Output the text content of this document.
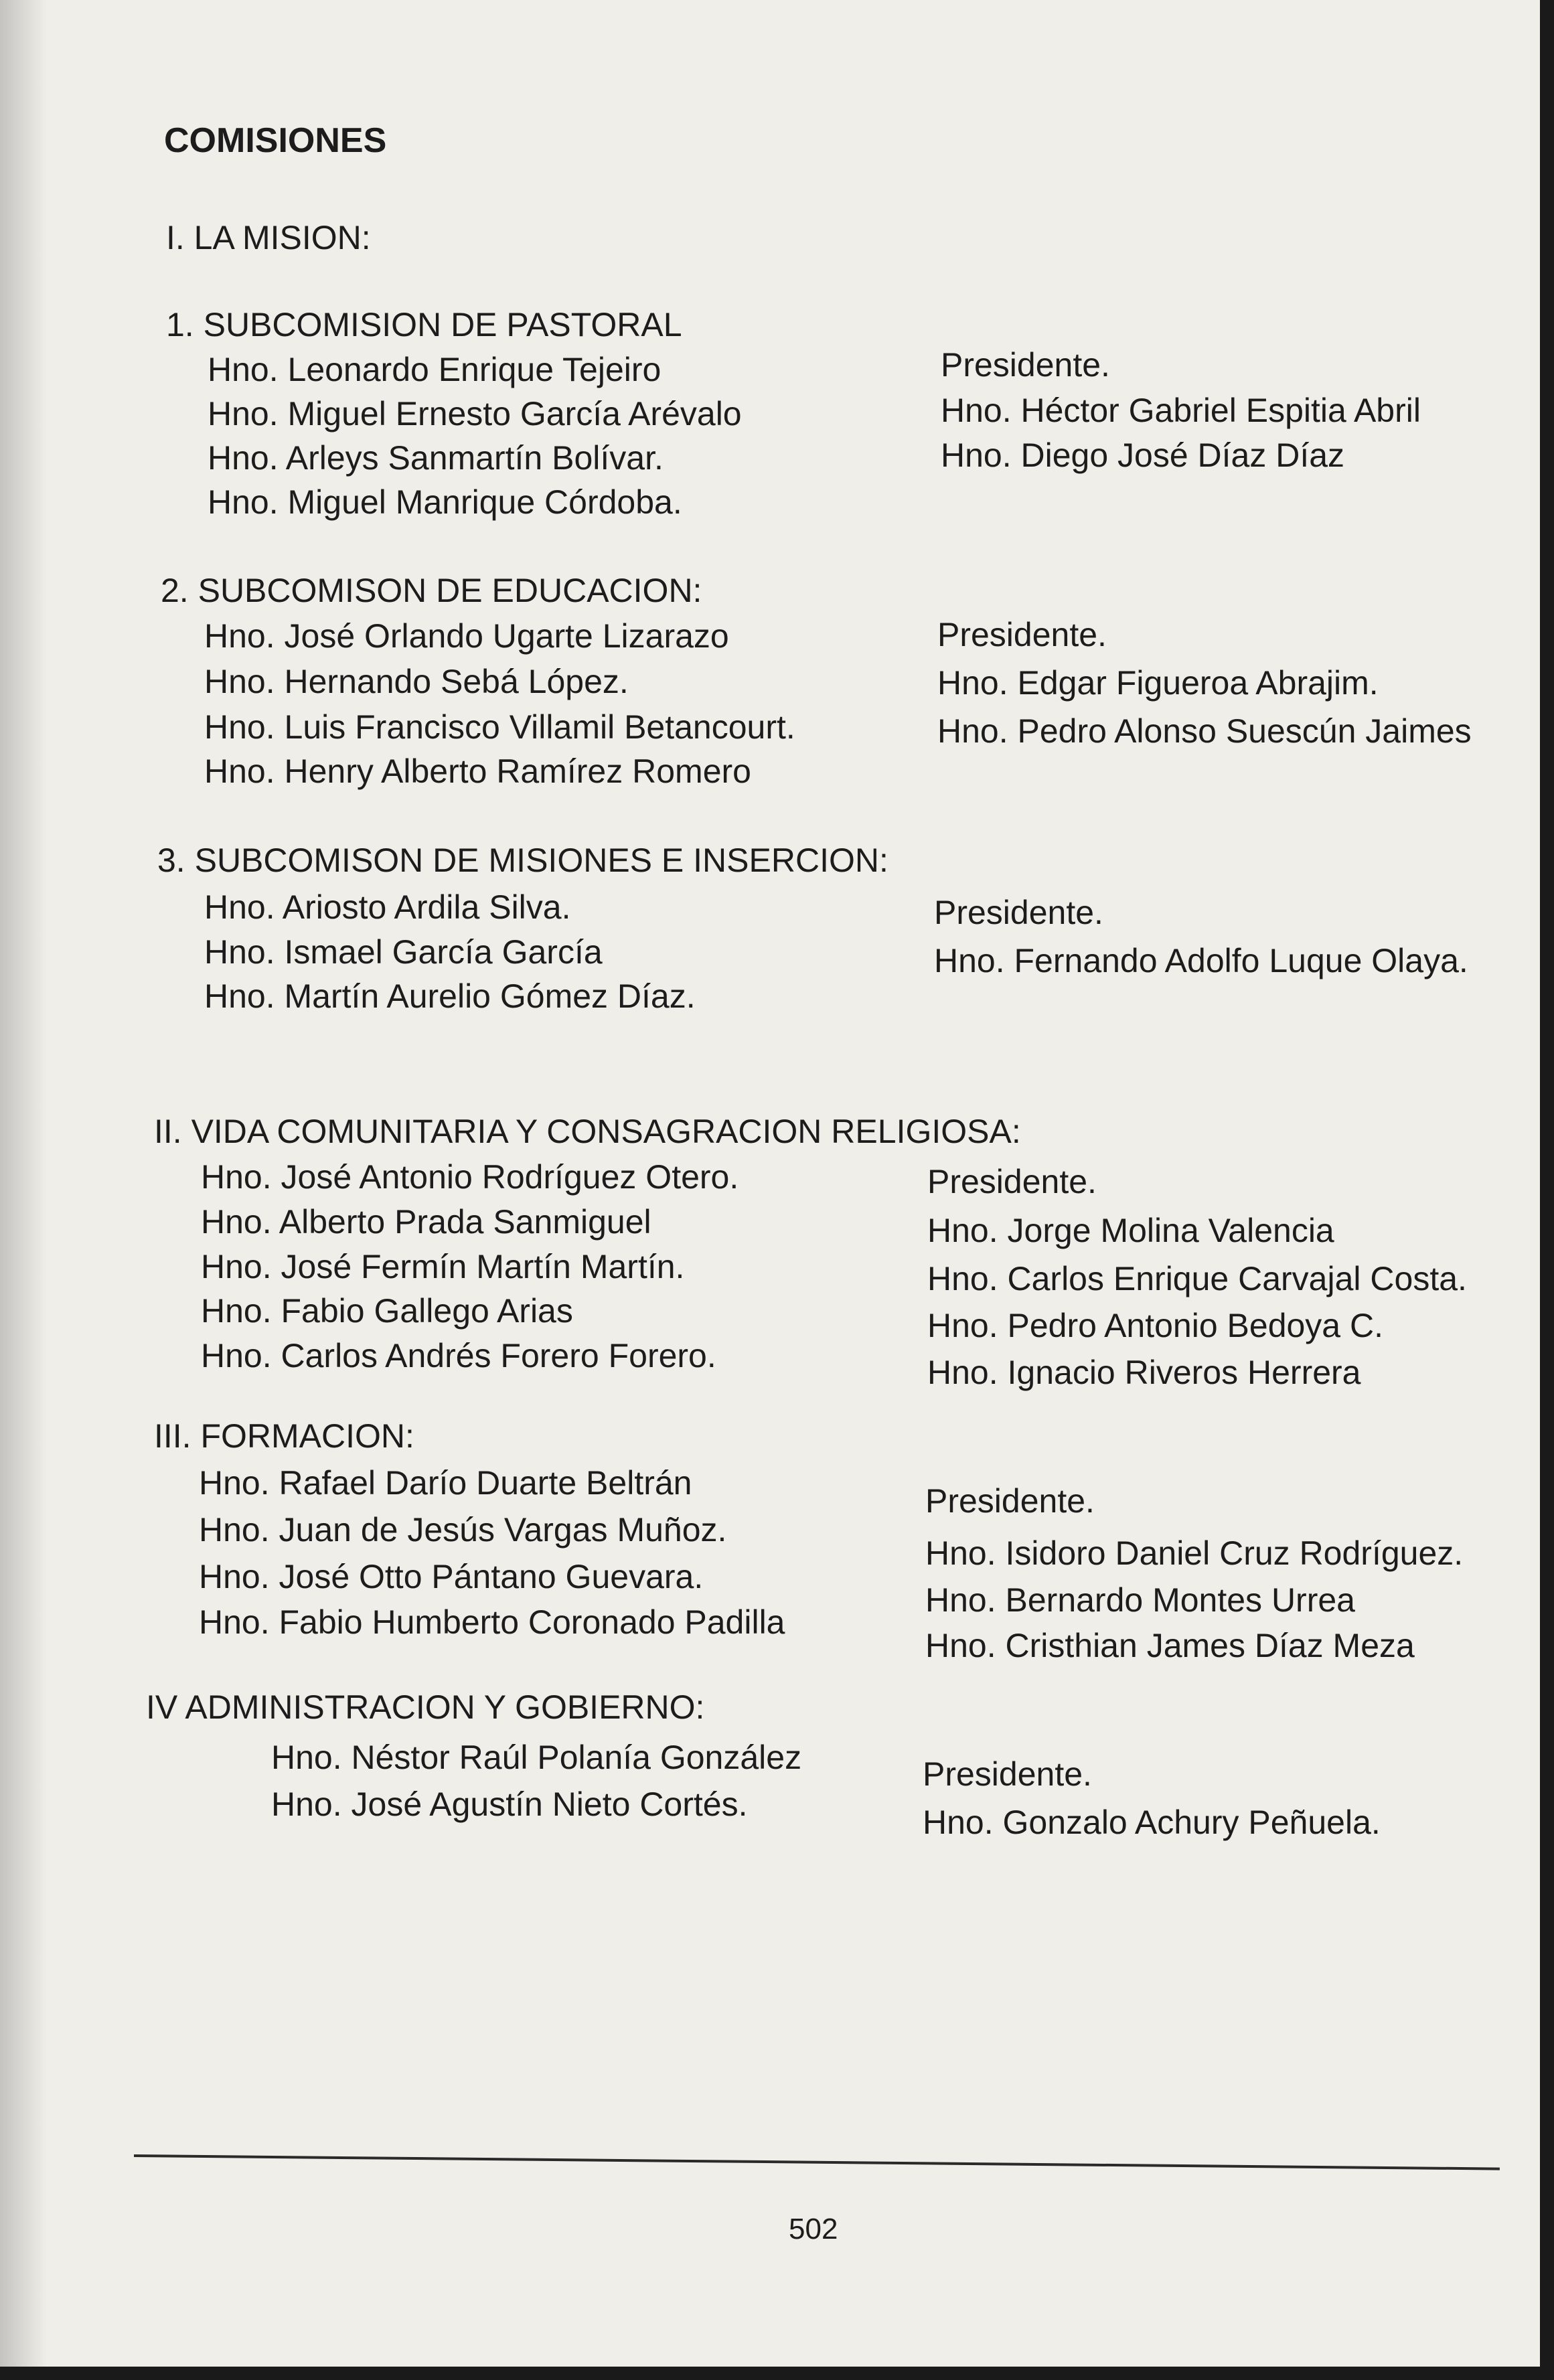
COMISIONES
I. LA MISION:
1. SUBCOMISION DE PASTORAL
Hno. Leonardo Enrique Tejeiro
Hno. Miguel Ernesto García Arévalo
Hno. Arleys Sanmartín Bolívar.
Hno. Miguel Manrique Córdoba.
Presidente.
Hno. Héctor Gabriel Espitia Abril
Hno. Diego José Díaz Díaz
2. SUBCOMISON DE EDUCACION:
Hno. José Orlando Ugarte Lizarazo
Hno. Hernando Sebá López.
Hno. Luis Francisco Villamil Betancourt.
Hno. Henry Alberto Ramírez Romero
Presidente.
Hno. Edgar Figueroa Abrajim.
Hno. Pedro Alonso Suescún Jaimes
3. SUBCOMISON DE MISIONES E INSERCION:
Hno. Ariosto Ardila Silva.
Hno. Ismael García García
Hno. Martín Aurelio Gómez Díaz.
Presidente.
Hno. Fernando Adolfo Luque Olaya.
II. VIDA COMUNITARIA Y CONSAGRACION RELIGIOSA:
Hno. José Antonio Rodríguez Otero.
Hno. Alberto Prada Sanmiguel
Hno. José Fermín Martín Martín.
Hno. Fabio Gallego Arias
Hno. Carlos Andrés Forero Forero.
Presidente.
Hno. Jorge Molina Valencia
Hno. Carlos Enrique Carvajal Costa.
Hno. Pedro Antonio Bedoya C.
Hno. Ignacio Riveros Herrera
III. FORMACION:
Hno. Rafael Darío Duarte Beltrán
Hno. Juan de Jesús Vargas Muñoz.
Hno. José Otto Pántano Guevara.
Hno. Fabio Humberto Coronado Padilla
Presidente.
Hno. Isidoro Daniel Cruz Rodríguez.
Hno. Bernardo Montes Urrea
Hno. Cristhian James Díaz Meza
IV ADMINISTRACION Y GOBIERNO:
Hno. Néstor Raúl Polanía González
Hno. José Agustín Nieto Cortés.
Presidente.
Hno. Gonzalo Achury Peñuela.
502
